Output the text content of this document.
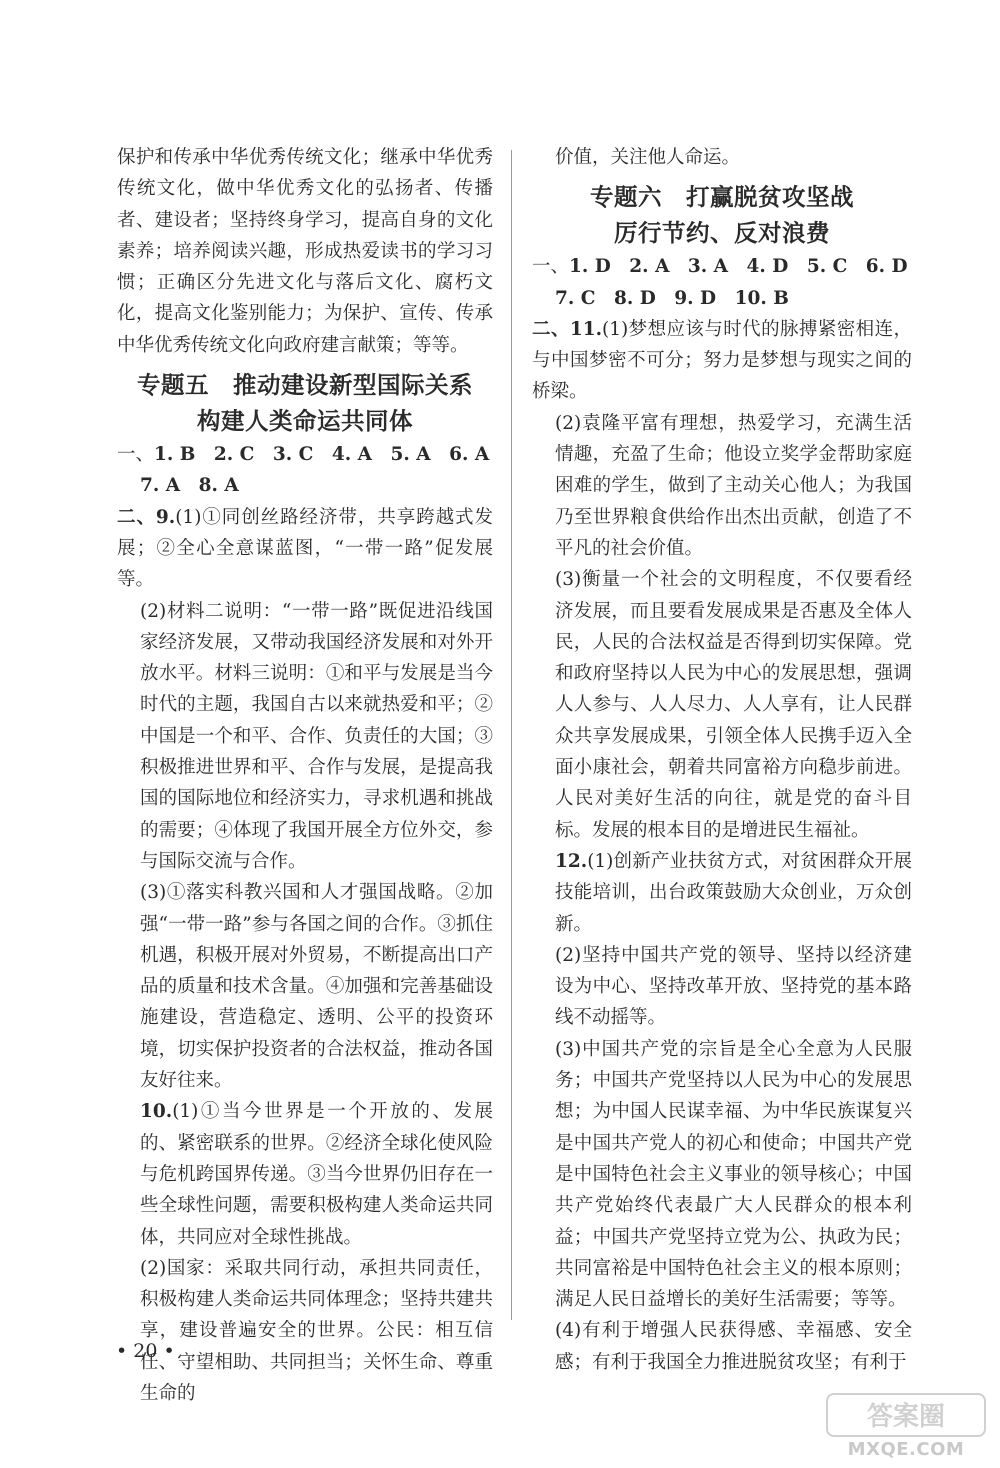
保护和传承中华优秀传统文化；继承中华优秀传统文化，做中华优秀文化的弘扬者、传播者、建设者；坚持终身学习，提高自身的文化素养；培养阅读兴趣，形成热爱读书的学习习惯；正确区分先进文化与落后文化、腐朽文化，提高文化鉴别能力；为保护、宣传、传承中华优秀传统文化向政府建言献策；等等。

专题五　推动建设新型国际关系
构建人类命运共同体

一、1. B　2. C　3. C　4. A　5. A　6. A

7. A　8. A

二、9.(1)①同创丝路经济带，共享跨越式发展；②全心全意谋蓝图，“一带一路”促发展等。

(2)材料二说明：“一带一路”既促进沿线国家经济发展，又带动我国经济发展和对外开放水平。材料三说明：①和平与发展是当今时代的主题，我国自古以来就热爱和平；②中国是一个和平、合作、负责任的大国；③积极推进世界和平、合作与发展，是提高我国的国际地位和经济实力，寻求机遇和挑战的需要；④体现了我国开展全方位外交，参与国际交流与合作。

(3)①落实科教兴国和人才强国战略。②加强“一带一路”参与各国之间的合作。③抓住机遇，积极开展对外贸易，不断提高出口产品的质量和技术含量。④加强和完善基础设施建设，营造稳定、透明、公平的投资环境，切实保护投资者的合法权益，推动各国友好往来。

10.(1)①当今世界是一个开放的、发展的、紧密联系的世界。②经济全球化使风险与危机跨国界传递。③当今世界仍旧存在一些全球性问题，需要积极构建人类命运共同体，共同应对全球性挑战。

(2)国家：采取共同行动，承担共同责任，积极构建人类命运共同体理念；坚持共建共享，建设普遍安全的世界。公民：相互信任、守望相助、共同担当；关怀生命、尊重生命的

价值，关注他人命运。

专题六　打赢脱贫攻坚战
厉行节约、反对浪费

一、1. D　2. A　3. A　4. D　5. C　6. D

7. C　8. D　9. D　10. B

二、11.(1)梦想应该与时代的脉搏紧密相连，与中国梦密不可分；努力是梦想与现实之间的桥梁。

(2)袁隆平富有理想，热爱学习，充满生活情趣，充盈了生命；他设立奖学金帮助家庭困难的学生，做到了主动关心他人；为我国乃至世界粮食供给作出杰出贡献，创造了不平凡的社会价值。

(3)衡量一个社会的文明程度，不仅要看经济发展，而且要看发展成果是否惠及全体人民，人民的合法权益是否得到切实保障。党和政府坚持以人民为中心的发展思想，强调人人参与、人人尽力、人人享有，让人民群众共享发展成果，引领全体人民携手迈入全面小康社会，朝着共同富裕方向稳步前进。人民对美好生活的向往，就是党的奋斗目标。发展的根本目的是增进民生福祉。

12.(1)创新产业扶贫方式，对贫困群众开展技能培训，出台政策鼓励大众创业，万众创新。

(2)坚持中国共产党的领导、坚持以经济建设为中心、坚持改革开放、坚持党的基本路线不动摇等。

(3)中国共产党的宗旨是全心全意为人民服务；中国共产党坚持以人民为中心的发展思想；为中国人民谋幸福、为中华民族谋复兴是中国共产党人的初心和使命；中国共产党是中国特色社会主义事业的领导核心；中国共产党始终代表最广大人民群众的根本利益；中国共产党坚持立党为公、执政为民；共同富裕是中国特色社会主义的根本原则；满足人民日益增长的美好生活需要；等等。

(4)有利于增强人民获得感、幸福感、安全感；有利于我国全力推进脱贫攻坚；有利于

• 20 •
答案圈
MXQE.COM
